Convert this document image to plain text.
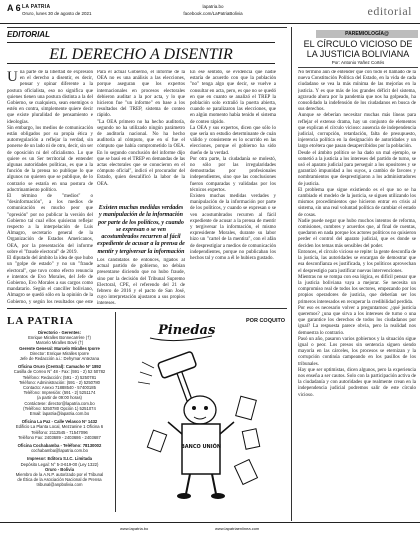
A 6 LA PATRIA
Oruro, lunes 30 de agosto de 2021
lapatria.bo
facebook.com/LaPatriaBolivia	editorial
EDITORIAL
EL DERECHO A DISENTIR

Una parte de la libertad de expresión en el derecho a disentir, es decir, pensar y opinar diferente a la postura oficialista, eso no significa que quienes tienen una postura distinta a la del Gobierno, se cualquiera, sean enemigos o estén en contra, simplemente quiere decir que existe pluralidad de pensamiento e ideologías.

Sin embargo, los medios de comunicación están obligados por su propia ética y autorregulación a reflejar la verdad, sin ponerse de un lado ni de otro, decir, sin ser de oposición ni del oficialismo. Lo que quiere es un Ser territorial de entender algunas autoridades políticas, es que a la función de la prensa no publique lo que algunos no quieren que se publique, de lo contrario se estaría en una postura de adoctrinamiento político.

El término de "medios" o "desinformación", a los medios de comunicación es mucho peor que "opresión" por no publicar la versión del Gobierno tal cual ellos quisieran reflejar respecto a la interpelación de Luis Almagro, secretario general de la Organización de Estados Americanos, OEA, por la presentación del informe sobre el "fraude electoral" de 2019.

El diputado del ámbito la idea de que hubo un "golpe de estado" y no un "fraude electoral", que tuvo como efecto renuncia e intentos de Evo Morales, del Jefe de Gobierno, Evo Morales a sus cargos como mandatario. Según el canciller boliviano, Almagro se quedó sólo en la opinión de la Gobierno, y según los resultados que este

Para el actual Gobierno, el informe de la OEA no es una análisis a las elecciones, porque aseguran que los expertos internacionales en procesos electorales debieron auditar a la por acta, y lo que hicieron fue "un informe" en base a los resultados del TREP, sistema de conteo rápido.

"La OEA primero no ha hecho auditoría, segundo no ha utilizado ningún parámetro de auditoría nacional. No ha hecho auditoría al cómputo, que en sí fue el cómputo que había comprometido la OEA. En lo segundo conclusión del informe dijo que se basó en el TREP en demandas de las actas electorales que se conocieron en el cómputo oficial", indicó el procurador del Estado, quien descalificó la labor de la OEA.

Existen muchas medidas verdades y manipulación de la información por parte de los políticos, y cuando se expresan o se ven acostumbrados recurren al fácil expediente de acusar a la prensa de mentir y tergiversar la información

Los candidatos de entonces, ligados al actual partido de gobierno, no debían presentarse diciendo que no hubo fraude, sino por la decisión del Tribunal Supremo Electoral, CPE, el referendo del 21 de febrero de 2016 y el pacto de San José, cuyo interpretación ajustaron a sus propios intereses.

En ese sentido, se evidencia que nadie estaría de acuerdo con que la población "no" tenga algo que decir, se vuelve a consultar en acta, pero, es que no se quedó en que en cuanto se analizó el TREP la población solo extrañó la puerta abierta, cuando se paralizaron las elecciones, que en algún momento había tenido el sistema de conteo rápido.

La OEA y sus expertos, dicen que sólo lo que sería un estudio determinante de cuán válido y consistente es lo ocurrido en las elecciones, porque el gobierno ha sido dueño de la verdad.

Por otra parte, la ciudadanía se molestó, no sólo por las irregularidades demostradas por profesionales independientes, sino que las conclusiones fueron comparadas y validadas por los técnicos expertos.

Existen muchas medidas verdades y manipulación de la información por parte de los políticos, y cuando se expresan o se ven acostumbrados recurren al fácil expediente de acusar a la prensa de mentir y tergiversar la información, el mismo expresidente Morales, durante su labor hizo un "cartel de la mentira", con el afán de desprestigiar a medios de comunicación independientes, porque no publicaban los hechos tal y como a él le hubiera gustado.

PAREMIOLOGÍA@
EL CÍRCULO VICIOSO DE LA JUSTICIA BOLIVIANA
Por: Antonio Yañez Cortés

No termino aún de entender que con todo el llamado de la nueva Constitución Política del Estado, en la vida de cada ciudadano se vea la más mínima de las mejorías en la justicia. Y es que más de los grandes déficit del sistema, agravado ahora por la pandemia que nos ha golpeado, ha consolidado la indefensión de los ciudadanos en busca de sus derechos.

Aunque se deberían necesitar muchas más líneas para reflejar el extenso drama, hay un conjunto de elementos que explican el círculo vicioso: ausencia de independencia judicial, corrupción, retardación, falta de presupuesto, injerencia política en la designación de autoridades y un largo etcétera que pasan desapercibidos por la población.

Desde el ámbito político se ha dado un mal ejemplo, se sometió a la justicia a los intereses del partido de turno, se usó el aparato judicial para perseguir a los opositores y se garantizó impunidad a los suyos, a cambio de favores y nombramientos que desprestigiaron a los administradores de justicia.

El problema que sigue existiendo es el que no se ha cambiado el modelo de la justicia, se siguen utilizando los mismos procedimientos que hicieron entrar en crisis al sistema, sin una real voluntad política de cambiar el estado de cosas.

Nadie puede negar que hubo muchos intentos de reforma, comisiones, cumbres y acuerdos que, al final de cuentas, quedaron en nada porque los actores políticos no quisieron perder el control del aparato judicial, que es donde se deciden los temas más sensibles del poder.

Entonces, el círculo vicioso se repite: la gente desconfía de la justicia, las autoridades se encargan de demostrar que esa desconfianza es justificada, y los políticos aprovechan el desprestigio para justificar nuevas intervenciones.

Mientras no se rompa con esa lógica, es difícil pensar que la justicia boliviana vaya a mejorar. Se necesita un compromiso real de todos los sectores, empezando por los propios operadores de justicia, que deberían ser los primeros interesados en recuperar la credibilidad perdida.

Por eso es necesario volver a preguntarnos: ¿qué justicia queremos? ¿una que sirva a los intereses de turno o una que garantice los derechos de todos los ciudadanos por igual? La respuesta parece obvia, pero la realidad nos demuestra lo contrario.

Pasó un año, pasaron varios gobiernos y la situación sigue igual o peor. Los presos sin sentencia siguen siendo mayoría en las cárceles, los procesos se eternizan y la corrupción continúa campeando en los pasillos de los tribunales.

Hay que ser optimistas, dicen algunos, pero la experiencia nos enseña a ser cautos. Solo con la participación activa de la ciudadanía y con autoridades que realmente crean en la independencia judicial podremos salir de este círculo vicioso.

LA PATRIA
Directorio - Gerentes:
Enrique Miralles Bonnecarrère (†)
Marcelo Miralles Bové (†)
Gerente General: Marcelo Miralles Iporre
Director: Enrique Miralles Iporre
Jefe de Redacción a.i.: Dehymar Antezana
Oficina Oruro (Central): Camacho N° 1892
Casilla de Correo N° 48 - Fax: (591 - 2) 52 50782
Teléfono: Redacción: (591 - 2) 5250781
Teléfono: Administración: (591 - 2) 5250780
Contacto: Anexo 71888540 - 57400185
Teléfono: Impresión: (591 - 2) 5251174
(a partir de 09:00 horas)
Contáctese: director@lapatria.com.bo
(Teléfono: 5250780 Opción 1) 5251074
Email: lapatria@lapatria.com.bo
Oficina La Paz - Calle Velasco N° 1432
Edificio La Planta Local, Mezzanine 1 Oficina 6
Teléfono: 2112545 - 71547096
Teléfono Fax: 2403689 - 2403686 - 2403687
Oficina Cochabamba - Teléfono: 78130002
cochabamba@lapatria.com.bo
Impresor: Editora S.I.C. Limitada
Depósito Legal: N° 5-3-619-00 (Ley 1322)
Oruro - Bolivia
Miembro de la A.N.P. autorizado por el Tribunal
de Ética de la Asociación Nacional de Prensa
tribunal@anpbolivia.com
POR COQUITO
Pinedas
BANCO UNIÓN
www.lapatria.bo	www.lapatriaenlinea.com
